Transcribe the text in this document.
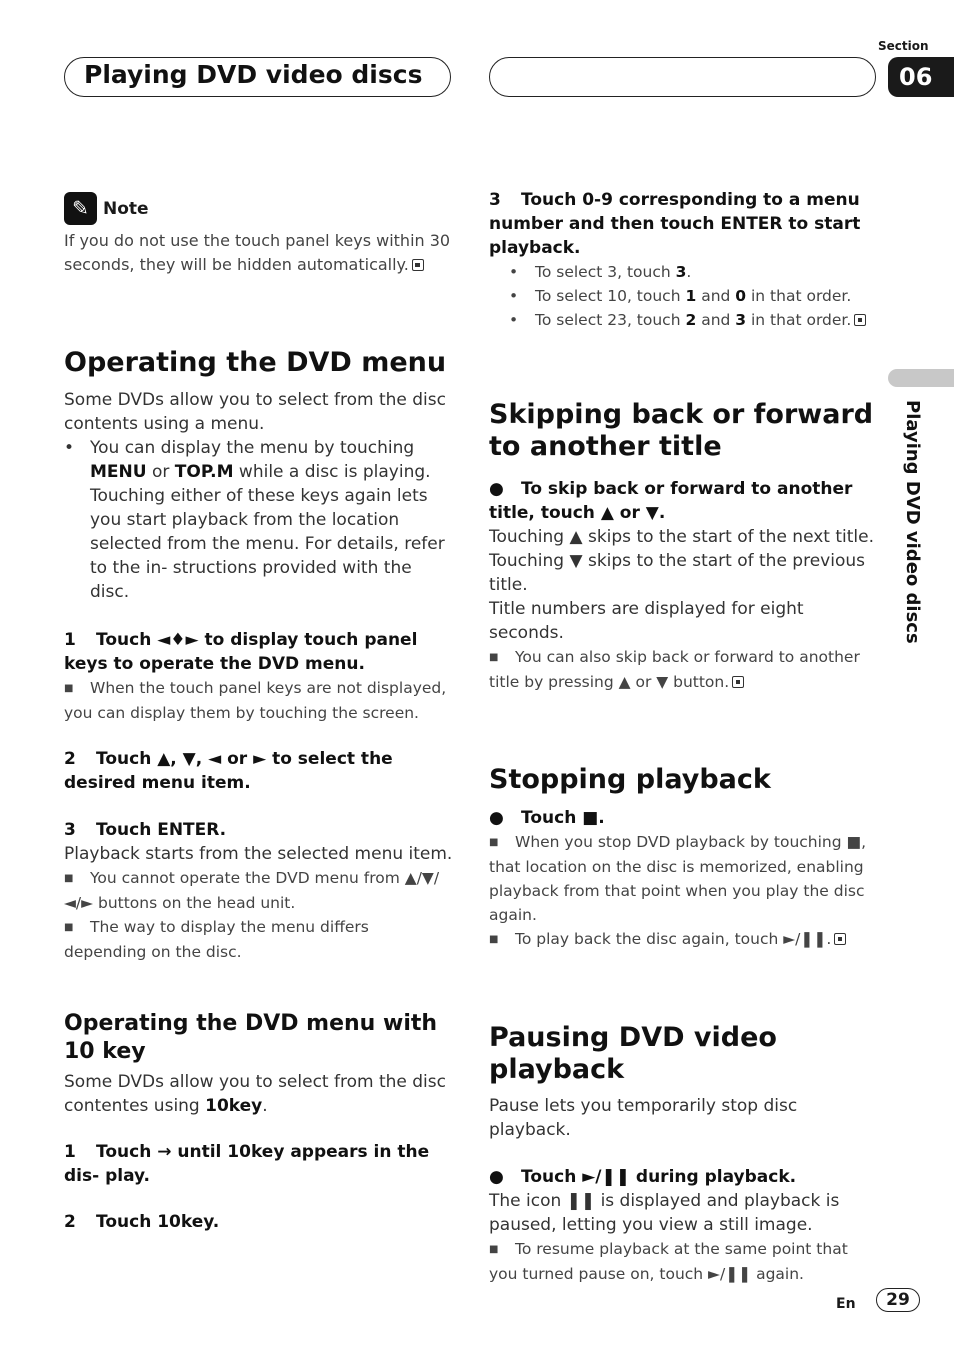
Playing DVD video discs
Section
06
Playing DVD video discs
✎ Note

If you do not use the touch panel keys within 30 seconds, they will be hidden automatically.

Operating the DVD menu

Some DVDs allow you to select from the disc contents using a menu.

• You can display the menu by touching MENU or TOP.M while a disc is playing. Touching either of these keys again lets you start playback from the location selected from the menu. For details, refer to the in- structions provided with the disc.

1 Touch ◄♦► to display touch panel keys to operate the DVD menu.

■ When the touch panel keys are not displayed, you can display them by touching the screen.

2 Touch ▲, ▼, ◄ or ► to select the desired menu item.

3 Touch ENTER.

Playback starts from the selected menu item.

■ You cannot operate the DVD menu from ▲/▼/◄/► buttons on the head unit.

■ The way to display the menu differs depending on the disc.

Operating the DVD menu with 10 key

Some DVDs allow you to select from the disc contentes using 10key.

1 Touch → until 10key appears in the dis- play.

2 Touch 10key.

3 Touch 0-9 corresponding to a menu number and then touch ENTER to start playback.

• To select 3, touch 3.

• To select 10, touch 1 and 0 in that order.

• To select 23, touch 2 and 3 in that order.

Skipping back or forward to another title

● To skip back or forward to another title, touch ▲ or ▼.

Touching ▲ skips to the start of the next title. Touching ▼ skips to the start of the previous title.

Title numbers are displayed for eight seconds.

■ You can also skip back or forward to another title by pressing ▲ or ▼ button.

Stopping playback

● Touch ■.

■ When you stop DVD playback by touching ■, that location on the disc is memorized, enabling playback from that point when you play the disc again.

■ To play back the disc again, touch ►/❚❚.

Pausing DVD video playback

Pause lets you temporarily stop disc playback.

● Touch ►/❚❚ during playback.

The icon ❚❚ is displayed and playback is paused, letting you view a still image.

■ To resume playback at the same point that you turned pause on, touch ►/❚❚ again.

En	29
